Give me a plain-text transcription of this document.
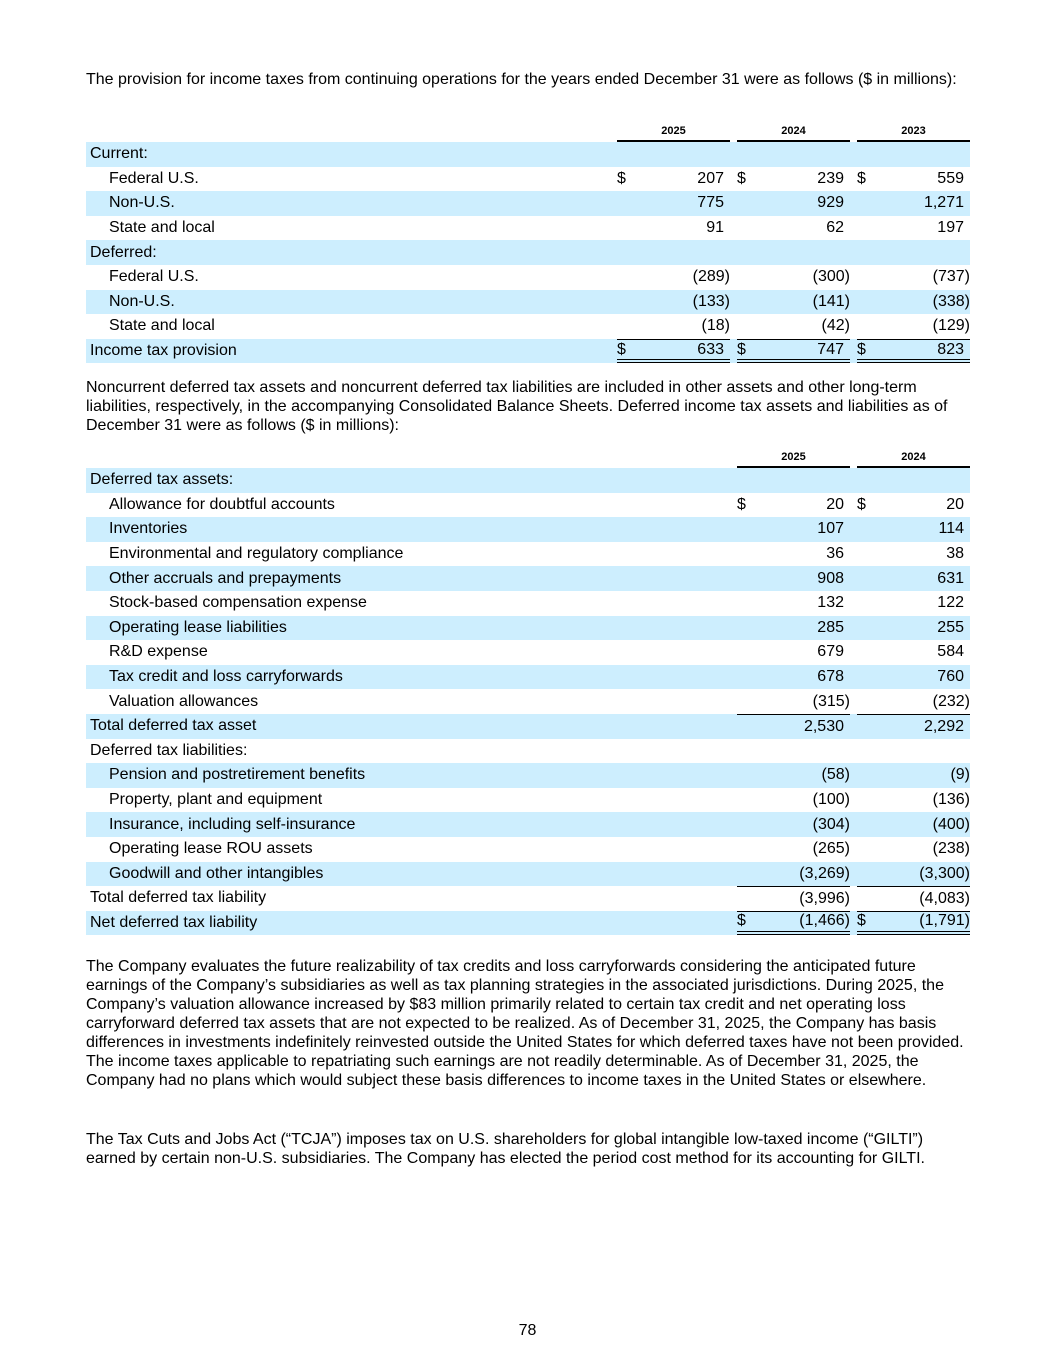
The provision for income taxes from continuing operations for the years ended December 31 were as follows ($ in millions):

2025	2024	2023
Current:
Federal U.S.	$	207 $	239 $	559
Non-U.S.	775	929	1,271
State and local	91	62	197
Deferred:
Federal U.S.	(289)	(300)	(737)
Non-U.S.	(133)	(141)	(338)
State and local	(18)	(42)	(129)
Income tax provision	$	633 $	747 $	823

Noncurrent deferred tax assets and noncurrent deferred tax liabilities are included in other assets and other long-term liabilities, respectively, in the accompanying Consolidated Balance Sheets. Deferred income tax assets and liabilities as of December 31 were as follows ($ in millions):

2025	2024
Deferred tax assets:
Allowance for doubtful accounts	$	20 $	20
Inventories	107	114
Environmental and regulatory compliance	36	38
Other accruals and prepayments	908	631
Stock-based compensation expense	132	122
Operating lease liabilities	285	255
R&D expense	679	584
Tax credit and loss carryforwards	678	760
Valuation allowances	(315)	(232)
Total deferred tax asset	2,530	2,292
Deferred tax liabilities:
Pension and postretirement benefits	(58)	(9)
Property, plant and equipment	(100)	(136)
Insurance, including self-insurance	(304)	(400)
Operating lease ROU assets	(265)	(238)
Goodwill and other intangibles	(3,269)	(3,300)
Total deferred tax liability	(3,996)	(4,083)
Net deferred tax liability	$	(1,466) $	(1,791)

The Company evaluates the future realizability of tax credits and loss carryforwards considering the anticipated future earnings of the Company’s subsidiaries as well as tax planning strategies in the associated jurisdictions. During 2025, the Company’s valuation allowance increased by $83 million primarily related to certain tax credit and net operating loss carryforward deferred tax assets that are not expected to be realized. As of December 31, 2025, the Company has basis differences in investments indefinitely reinvested outside the United States for which deferred taxes have not been provided. The income taxes applicable to repatriating such earnings are not readily determinable. As of December 31, 2025, the Company had no plans which would subject these basis differences to income taxes in the United States or elsewhere.

The Tax Cuts and Jobs Act (“TCJA”) imposes tax on U.S. shareholders for global intangible low-taxed income (“GILTI”) earned by certain non-U.S. subsidiaries. The Company has elected the period cost method for its accounting for GILTI.

78
